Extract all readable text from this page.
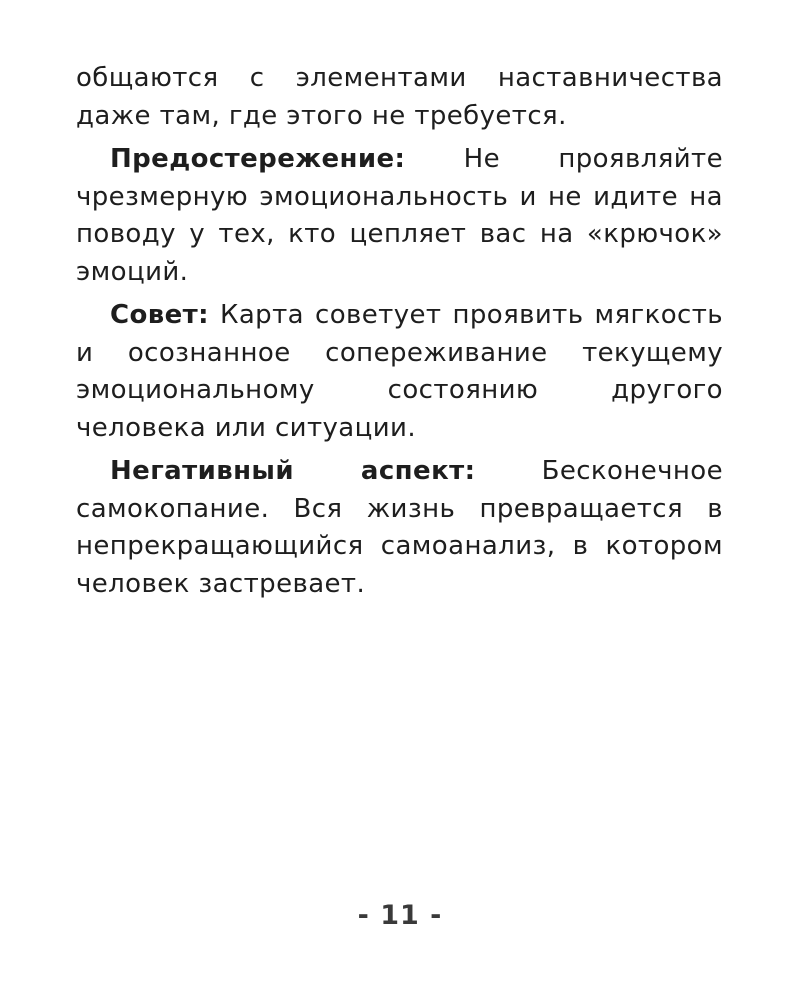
общаются с элементами наставничества даже там, где этого не требуется.

Предостережение: Не проявляйте чрезмерную эмоциональность и не идите на поводу у тех, кто цепляет вас на «крючок» эмоций.

Совет: Карта советует проявить мягкость и осознанное сопереживание текущему эмоциональному состоянию другого человека или ситуации.

Негативный аспект: Бесконечное самокопание. Вся жизнь превращается в непрекращающийся самоанализ, в котором человек застревает.

- 11 -
